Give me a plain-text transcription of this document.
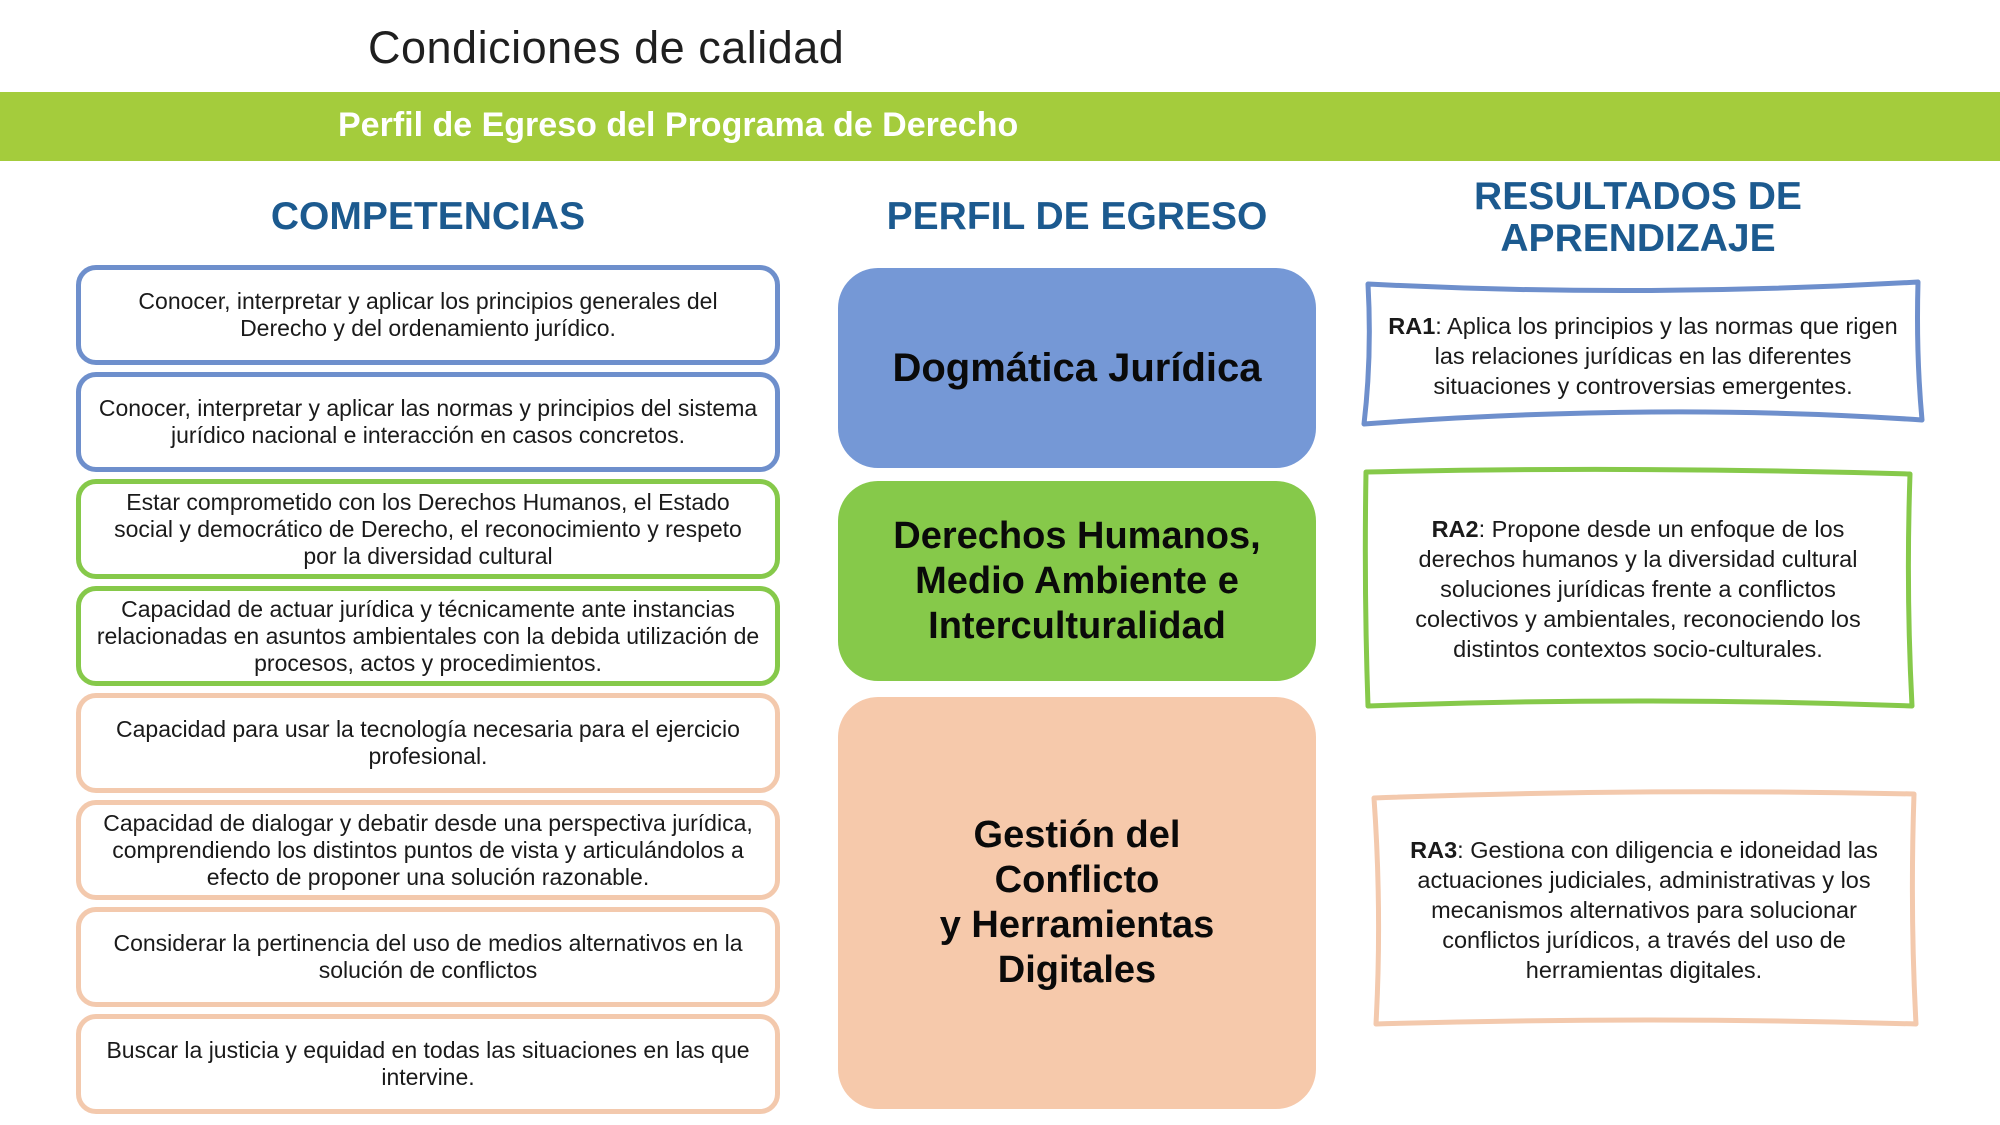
Condiciones de calidad
Perfil de Egreso del Programa de Derecho
COMPETENCIAS	PERFIL DE EGRESO	RESULTADOS DE
APRENDIZAJE
Conocer, interpretar y aplicar los principios generales del Derecho y del ordenamiento jurídico.
Conocer, interpretar y aplicar las normas y principios del sistema jurídico nacional e interacción en casos concretos.
Estar comprometido con los Derechos Humanos, el Estado social y democrático de Derecho, el reconocimiento y respeto por la diversidad cultural
Capacidad de actuar jurídica y técnicamente ante instancias relacionadas en asuntos ambientales con la debida utilización de procesos, actos y procedimientos.
Capacidad para usar la tecnología necesaria para el ejercicio profesional.
Capacidad de dialogar y debatir desde una perspectiva jurídica, comprendiendo los distintos puntos de vista y articulándolos a efecto de proponer una solución razonable.
Considerar la pertinencia del uso de medios alternativos en la solución de conflictos
Buscar la justicia y equidad en todas las situaciones en las que intervine.
Dogmática Jurídica
Derechos Humanos,
Medio Ambiente e
Interculturalidad
Gestión del
Conflicto
y Herramientas
Digitales
RA1: Aplica los principios y las normas que rigen las relaciones jurídicas en las diferentes situaciones y controversias emergentes.
RA2: Propone desde un enfoque de los derechos humanos y la diversidad cultural soluciones jurídicas frente a conflictos colectivos y ambientales, reconociendo los distintos contextos socio-culturales.
RA3: Gestiona con diligencia e idoneidad las actuaciones judiciales, administrativas y los mecanismos alternativos para solucionar conflictos jurídicos, a través del uso de herramientas digitales.
